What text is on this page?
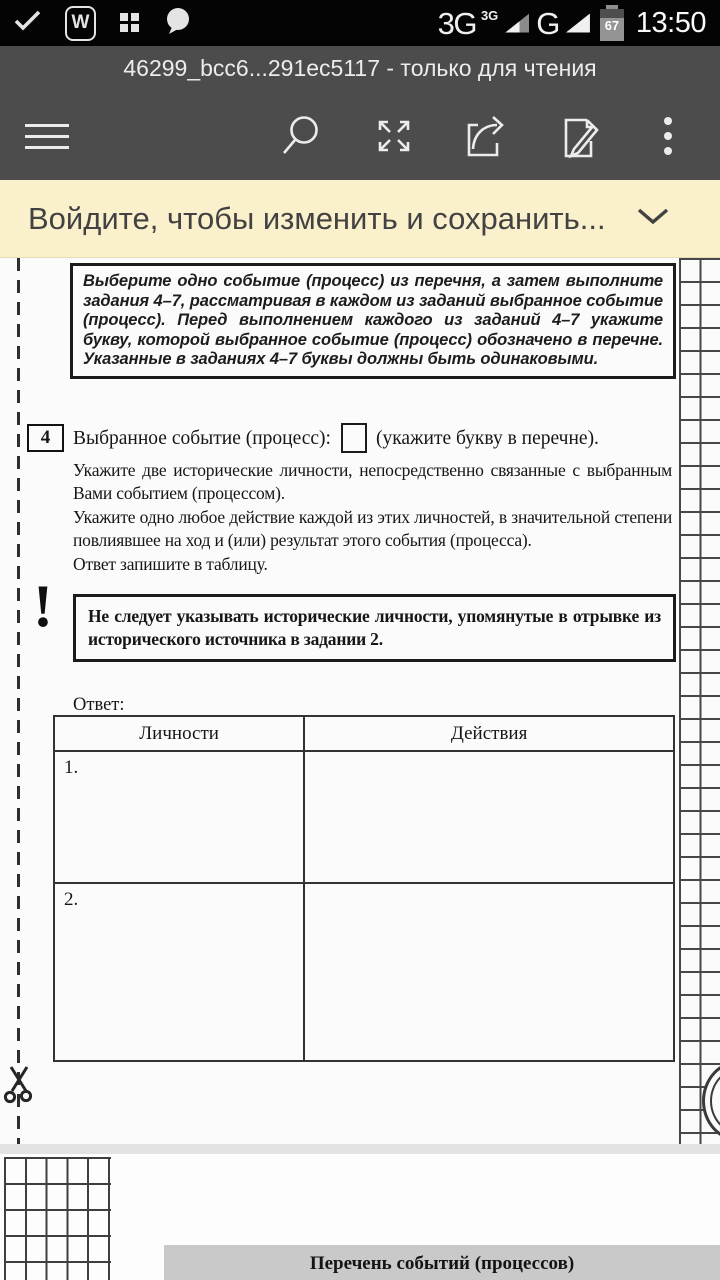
W	3G 3G G	67 13:50
46299_bcc6...291ec5117 - только для чтения
Войдите, чтобы изменить и сохранить...
Выберите одно событие (процесс) из перечня, а затем выполните задания 4–7, рассматривая в каждом из заданий выбранное событие (процесс). Перед выполнением каждого из заданий 4–7 укажите букву, которой выбранное событие (процесс) обозначено в перечне. Указанные в заданиях 4–7 буквы должны быть одинаковыми.
4	Выбранное событие (процесс): (укажите букву в перечне).

Укажите две исторические личности, непосредственно связанные с выбранным Вами событием (процессом).

Укажите одно любое действие каждой из этих личностей, в значительной степени повлиявшее на ход и (или) результат этого события (процесса).

Ответ запишите в таблицу.

!	Не следует указывать исторические личности, упомянутые в отрывке из исторического источника в задании 2.
Ответ:
Личности	Действия
1.	
2.	
Перечень событий (процессов)
